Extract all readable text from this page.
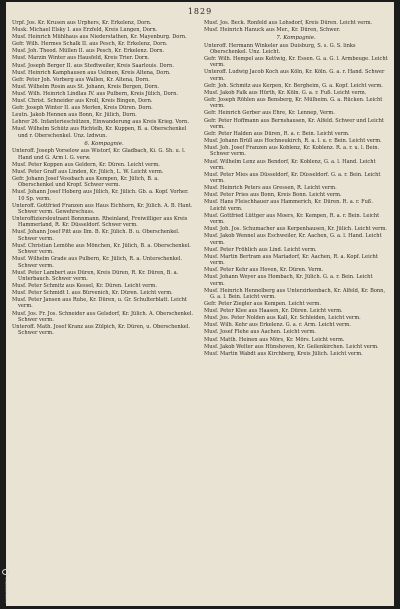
1829
Urpf. Jos. Kr. Krusen aus Urphers, Kr. Erkelenz, Dorn.
Musk. Michael Elsky I. aus Erzfeld, Kreis Lungen, Dorn.
Musf. Heinrich Mühlhaus aus Niederstathen, Kr. Mayenburg. Dorn.
Gefr. Wilh. Hermes Schalk II. aus Pesch, Kr. Erkelenz, Dorn.
Musf. Joh. Theod. Müllen II. aus Pesch, Kr. Erkelenz. Dorn.
Musf. Marzin Winter aus Hausfeld, Kreis Trier. Dorn.
Musf. Joseph Berger II. aus Stedtweiler, Kreis Saarlouis. Dorn.
Musf. Heinrich Kamphausen aus Uelmen, Kreis Altena, Dorn.
Gefr. Peter Joh. Vorberg aus Wallen, Kr. Altena, Dorn.
Musf. Wilhelm Rosin aus St. Johann, Kreis Bergen, Dorn.
Musf. Wilh. Heinrich Lindlau IV. aus Pulbern, Kreis Jülich, Dorn.
Musf. Christ. Schneider aus Kroll, Kreis Bingen, Dorn.
Gefr. Joseph Winter II. aus Merlen, Kreis Düren. Dorn.
Leutn. Jakob Hennen aus Bonn, Kr. Jülich, Dorn.
Lehrer 26. Infanterieschützen, Einwanderung aus Kreis Krieg. Vorn.
Musf. Wilhelm Schütz aus Richtelb, Kr. Kuppen, B. a. Oberschenkel und r. Oberschenkel. Unz. lzdwun.
6. Kompagnie.
Unteroff. Joseph Vorselow aus Wistorf, Kr. Gladbach, Ki. G. Sh. u. l. Hand und G. Arm l. G. verw.
Musf. Peter Koppen aus Geldern, Kr. Düren. Leicht verm.
Musf. Peter Graff aus Linden, Kr. Jülich, L. W. Leicht verm.
Gefr. Johann Josef Vossbach aus Kempen, Kr. Jülich, B. a. Oberschenkel und Kropf. Schwer verm.
Musf. Johann Josef Hoberg aus Jülich, Kr. Jülich. Gb. a. Kopf. Vorher. 10 Sp. verm.
Unteroff. Gottfried Franzen aus Haus Eichhorn, Kr. Jülich. A. B. Hant. Schwer verm. Gewehrschuss.
Unteroffiziersleutnant Bonnmann. Rheinland, Freiwilliger aus Kreis Hammerland, R. Kr. Düsseldorf. Schwer verm.
Musf. Johann Josef Pitt aus Ilm. B. Kr. Jülich. B. u. Oberschenkel. Schwer verm.
Musf. Christian Lemöhe aus Mönchen, Kr. Jülich, B. a. Oberschenkel. Schwer verm.
Musf. Wilhelm Grade aus Pulbern, Kr. Jülich, R. a. Unterschenkel. Schwer verm.
Musf. Peter Lambert aus Düren, Kreis Düren, R. Kr. Düren, B. a. Unterbauch. Schwer verm.
Musf. Peter Schmitz aus Kessel, Kr. Düren. Leicht verm.
Musf. Peter Schmidt I. aus Bürvenich, Kr. Düren. Leicht verm.
Musf. Peter Jansen aus Ruhe, Kr. Düren, u. Gr. Schulterblatt. Leicht verm.
Musf. Jos. Fr. Jos. Schneider aus Gelsdorf, Kr. Jülich. A. Oberschenkel. Schwer verm.
Unteroff. Math. Josef Kranz aus Zülpich, Kr. Düren, u. Oberschenkel. Schwer verm.
Musf. Jos. Beck. Ronfeld aus Lohsdorf, Kreis Düren. Leicht verm.
Musf. Heinrich Hanuck aus Mer., Kr. Düren, Schwer.
7. Kompagnie.
Unteroff. Hermann Winkeler aus Duisburg, S. s. G. S. links Oberschenkel. Unz. Leicht.
Gefr. Wilh. Hempel aus Kettwig, Kr. Essen. G. a. G. l. Armbeuge. Leicht verm.
Unteroff. Ludwig Jacob Koch aus Köln, Kr. Köln. G. a. r. Hand. Schwer verm.
Gefr. Joh. Schmitz aus Kerpen, Kr. Bergheim, G. a. Kopf. Leicht verm.
Musf. Jakob Falk aus Hürth, Kr. Köln. G. a. r. Fuß. Leicht verm.
Gefr. Joseph Röhlen aus Bensberg, Kr. Mülheim. G. a. Rücken. Leicht verm.
Gefr. Heinrich Gerber aus Ehre, Kr. Lennep, Verm.
Gefr. Peter Hoffmann aus Bernshausen, Kr. Alfeld. Schwer und Leicht verm.
Gefr. Peter Halden aus Düren, R. a. r. Bein. Leicht verm.
Musf. Johann Brüll aus Hochneukirch, R. a. l. u. r. Bein. Leicht verm.
Musf. Joh. Josef Franzen aus Koblenz, Kr. Koblenz. R. a. r. u. l. Bein. Schwer verm.
Musf. Wilhelm Lenz aus Bendorf, Kr. Koblenz, G. a. l. Hand. Leicht verm.
Musf. Peter Mies aus Düsseldorf, Kr. Düsseldorf. G. a. r. Bein. Leicht verm.
Musf. Heinrich Peters aus Gressen, R. Leicht verm.
Musf. Peter Pries aus Bonn, Kreis Bonn. Leicht verm.
Musf. Hans Fleischhauer aus Hammerich, Kr. Düren. R. a. r. Fuß. Leicht verm.
Musf. Gottfried Lüttger aus Moers, Kr. Kempen, R. a. r. Bein. Leicht verm.
Musf. Joh. Jos. Schumacher aus Kerpenhausen, Kr. Jülich. Leicht verm.
Musf. Jakob Wennel aus Eschweiler, Kr. Aachen, G. a. l. Hand. Leicht verm.
Musf. Peter Fröhlich aus Lind. Leicht verm.
Musf. Martin Bertram aus Mariadorf, Kr. Aachen, R. a. Kopf. Leicht verm.
Musf. Peter Kehr aus Hoven, Kr. Düren. Verm.
Musf. Johann Weyer aus Hombach, Kr. Jülich. G. a. r. Bein. Leicht verm.
Musf. Heinrich Hennelberg aus Unterzirkenbach, Kr. Alfeld, Kr. Bonn, G. a. l. Bein. Leicht verm.
Gefr. Peter Ziegler aus Kempen. Leicht verm.
Musf. Peter Klee aus Haasen, Kr. Düren. Leicht verm.
Musf. Jos. Peter Nolden aus Kall, Kr. Schleiden, Leicht verm.
Musf. Wilh. Kehr aus Erkelenz. G. a. r. Arm. Leicht verm.
Musf. Josef Flehe aus Aachen. Leicht verm.
Musf. Matth. Heinen aus Mörs, Kr. Mörs. Leicht verm.
Musf. Jakob Welter aus Hünshoven, Kr. Geilenkirchen. Leicht verm.
Musf. Martin Wabdt aus Kirchberg, Kreis Jülich. Leicht verm.
Landesbibliothek
